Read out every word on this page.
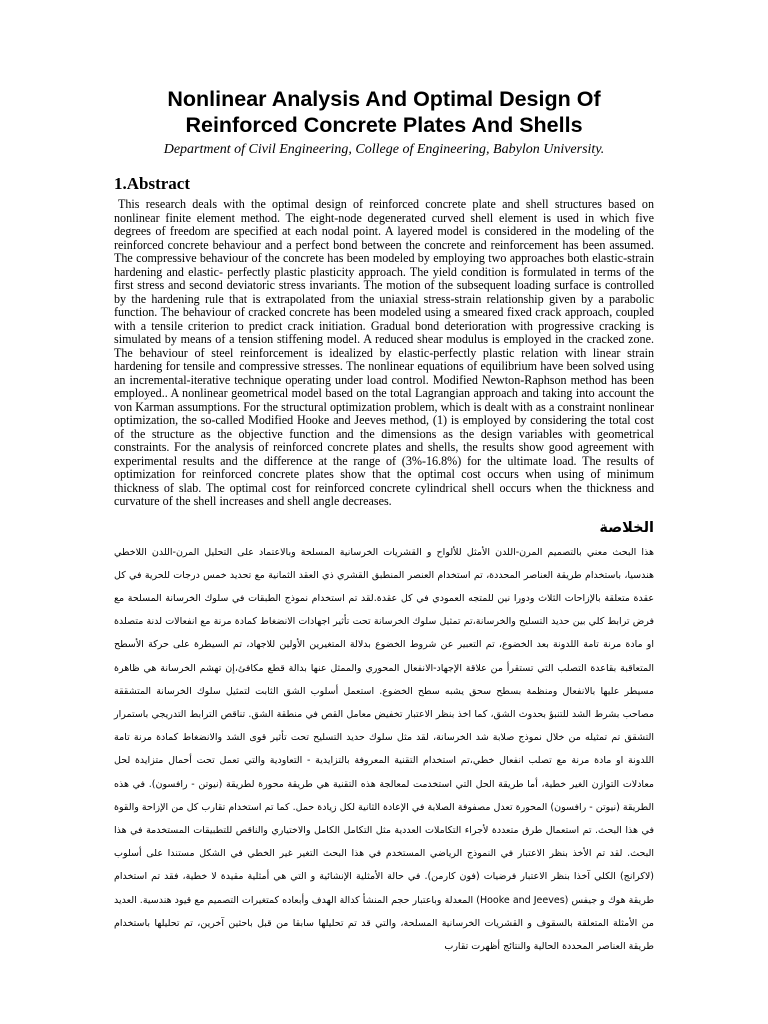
Nonlinear Analysis And Optimal Design Of
Reinforced Concrete Plates And Shells

Department of Civil Engineering, College of Engineering, Babylon University.

1.Abstract

This research deals with the optimal design of reinforced concrete plate and shell structures based on nonlinear finite element method. The eight-node degenerated curved shell element is used in which five degrees of freedom are specified at each nodal point. A layered model is considered in the modeling of the reinforced concrete behaviour and a perfect bond between the concrete and reinforcement has been assumed. The compressive behaviour of the concrete has been modeled by employing two approaches both elastic-strain hardening and elastic- perfectly plastic plasticity approach. The yield condition is formulated in terms of the first stress and second deviatoric stress invariants. The motion of the subsequent loading surface is controlled by the hardening rule that is extrapolated from the uniaxial stress-strain relationship given by a parabolic function. The behaviour of cracked concrete has been modeled using a smeared fixed crack approach, coupled with a tensile criterion to predict crack initiation. Gradual bond deterioration with progressive cracking is simulated by means of a tension stiffening model. A reduced shear modulus is employed in the cracked zone. The behaviour of steel reinforcement is idealized by elastic-perfectly plastic relation with linear strain hardening for tensile and compressive stresses. The nonlinear equations of equilibrium have been solved using an incremental-iterative technique operating under load control. Modified Newton-Raphson method has been employed.. A nonlinear geometrical model based on the total Lagrangian approach and taking into account the von Karman assumptions. For the structural optimization problem, which is dealt with as a constraint nonlinear optimization, the so-called Modified Hooke and Jeeves method, (1) is employed by considering the total cost of the structure as the objective function and the dimensions as the design variables with geometrical constraints. For the analysis of reinforced concrete plates and shells, the results show good agreement with experimental results and the difference at the range of (3%-16.8%) for the ultimate load. The results of optimization for reinforced concrete plates show that the optimal cost occurs when using of minimum thickness of slab. The optimal cost for reinforced concrete cylindrical shell occurs when the thickness and curvature of the shell increases and shell angle decreases.

الخلاصة

هذا البحث معني بالتصميم المرن-اللدن الأمثل للألواح و القشريات الخرسانية المسلحة وبالاعتماد على التحليل المرن-اللدن اللاخطي هندسيا، باستخدام طريقة العناصر المحددة، تم استخدام العنصر المنطبق القشري ذي العقد الثمانية مع تحديد خمس درجات للحرية في كل عقدة متعلقة بالإزاحات الثلاث ودورا نين للمتجه العمودي في كل عقدة.لقد تم استخدام نموذج الطبقات في سلوك الخرسانة المسلحة مع فرض ترابط كلي بين حديد التسليح والخرسانة،تم تمثيل سلوك الخرسانة تحت تأثير اجهادات الانضغاط كمادة مرنة مع انفعالات لدنة متصلدة او مادة مرنة تامة اللدونة بعد الخضوع، تم التعبير عن شروط الخضوع بدلالة المتغيرين الأولين للاجهاد، تم السيطرة على حركة الأسطح المتعاقبة بقاعدة التصلب التي تستقرأ من علاقة الإجهاد-الانفعال المحوري والممثل عنها بدالة قطع مكافئ،إن تهشم الخرسانة هي ظاهرة مسيطر عليها بالانفعال ومنظمة بسطح سحق يشبه سطح الخضوع. استعمل أسلوب الشق الثابت لتمثيل سلوك الخرسانة المتشققة مصاحب بشرط الشد للتنبؤ بحدوث الشق، كما اخذ بنظر الاعتبار تخفيض معامل القص في منطقة الشق. تناقص الترابط التدريجي باستمرار التشقق تم تمثيله من خلال نموذج صلابة شد الخرسانة، لقد مثل سلوك حديد التسليح تحت تأثير قوى الشد والانضغاط كمادة مرنة تامة اللدونة او مادة مرنة مع تصلب انفعال خطي،تم استخدام التقنية المعروفة بالتزايدية - التعاودية والتي تعمل تحت أحمال متزايدة لحل معادلات التوازن الغير خطية، أما طريقة الحل التي استخدمت لمعالجة هذه التقنية هي طريقة محورة لطريقة (نيوتن - رافسون). في هذه الطريقة (نيوتن - رافسون) المحورة تعدل مصفوفة الصلابة في الإعادة الثانية لكل زيادة حمل. كما تم استخدام تقارب كل من الإزاحة والقوة في هذا البحث. تم استعمال طرق متعددة لأجراء التكاملات العددية مثل التكامل الكامل والاختياري والناقص للتطبيقات المستخدمة في هذا البحث. لقد تم الأخذ بنظر الاعتبار في النموذج الرياضي المستخدم في هذا البحث التغير غير الخطي في الشكل مستندا على أسلوب (لاكرانج) الكلي آخذا بنظر الاعتبار فرضيات (فون كارمن). في حالة الأمثلية الإنشائية و التي هي أمثلية مقيدة لا خطية، فقد تم استخدام طريقة هوك و جيفس (Hooke and Jeeves) المعدلة وباعتبار حجم المنشأ كدالة الهدف وأبعاده كمتغيرات التصميم مع قيود هندسية. العديد من الأمثلة المتعلقة بالسقوف و القشريات الخرسانية المسلحة، والتي قد تم تحليلها سابقا من قبل باحثين آخرين، تم تحليلها باستخدام طريقة العناصر المحددة الحالية والنتائج أظهرت تقارب
